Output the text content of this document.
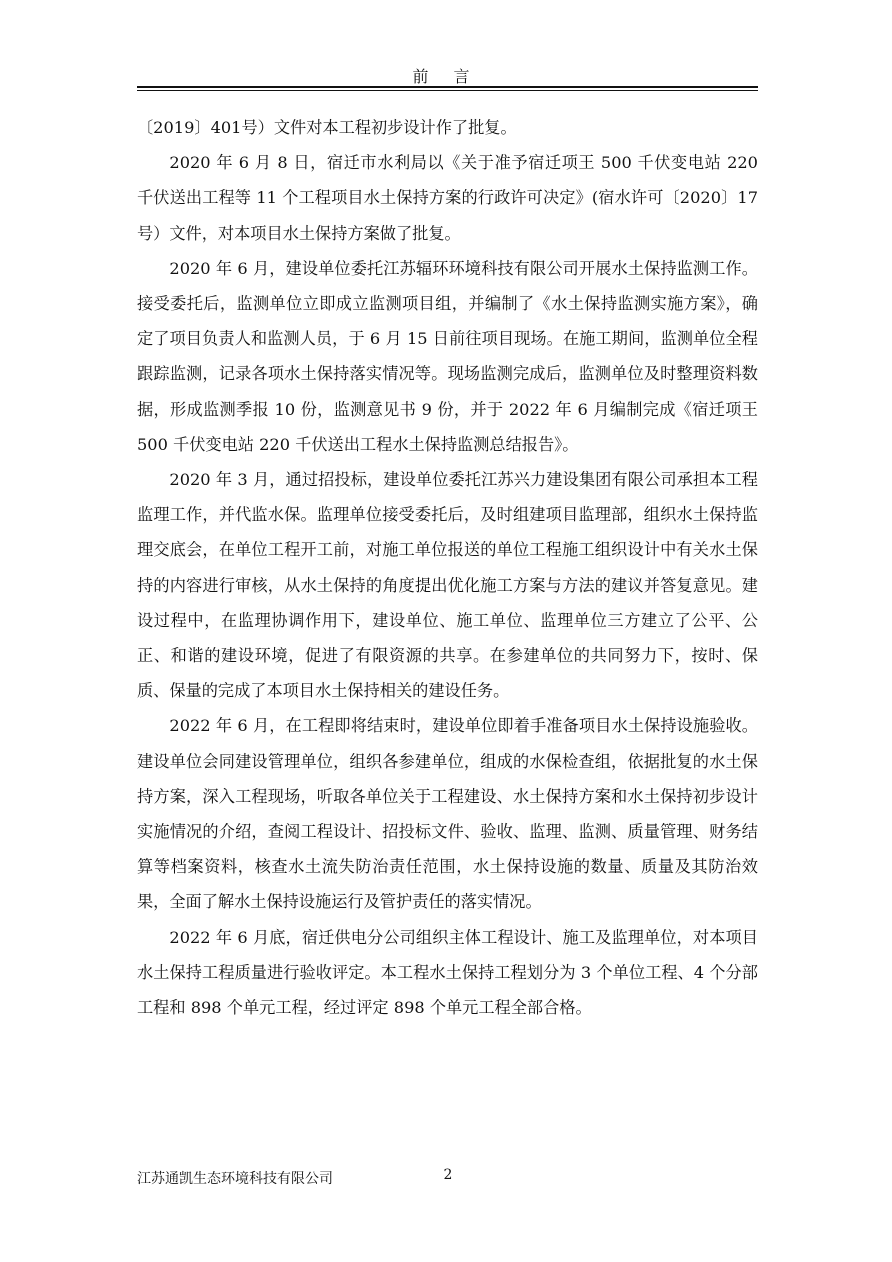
前 言

〔2019〕401号）文件对本工程初步设计作了批复。

2020 年 6 月 8 日，宿迁市水利局以《关于准予宿迁项王 500 千伏变电站 220 千伏送出工程等 11 个工程项目水土保持方案的行政许可决定》(宿水许可〔2020〕17 号）文件，对本项目水土保持方案做了批复。

2020 年 6 月，建设单位委托江苏辐环环境科技有限公司开展水土保持监测工作。接受委托后，监测单位立即成立监测项目组，并编制了《水土保持监测实施方案》，确定了项目负责人和监测人员，于 6 月 15 日前往项目现场。在施工期间，监测单位全程跟踪监测，记录各项水土保持落实情况等。现场监测完成后，监测单位及时整理资料数据，形成监测季报 10 份，监测意见书 9 份，并于 2022 年 6 月编制完成《宿迁项王 500 千伏变电站 220 千伏送出工程水土保持监测总结报告》。

2020 年 3 月，通过招投标，建设单位委托江苏兴力建设集团有限公司承担本工程监理工作，并代监水保。监理单位接受委托后，及时组建项目监理部，组织水土保持监理交底会，在单位工程开工前，对施工单位报送的单位工程施工组织设计中有关水土保持的内容进行审核，从水土保持的角度提出优化施工方案与方法的建议并答复意见。建设过程中，在监理协调作用下，建设单位、施工单位、监理单位三方建立了公平、公正、和谐的建设环境，促进了有限资源的共享。在参建单位的共同努力下，按时、保质、保量的完成了本项目水土保持相关的建设任务。

2022 年 6 月，在工程即将结束时，建设单位即着手准备项目水土保持设施验收。建设单位会同建设管理单位，组织各参建单位，组成的水保检查组，依据批复的水土保持方案，深入工程现场，听取各单位关于工程建设、水土保持方案和水土保持初步设计实施情况的介绍，查阅工程设计、招投标文件、验收、监理、监测、质量管理、财务结算等档案资料，核查水土流失防治责任范围，水土保持设施的数量、质量及其防治效果，全面了解水土保持设施运行及管护责任的落实情况。

2022 年 6 月底，宿迁供电分公司组织主体工程设计、施工及监理单位，对本项目水土保持工程质量进行验收评定。本工程水土保持工程划分为 3 个单位工程、4 个分部工程和 898 个单元工程，经过评定 898 个单元工程全部合格。

江苏通凯生态环境科技有限公司	2
